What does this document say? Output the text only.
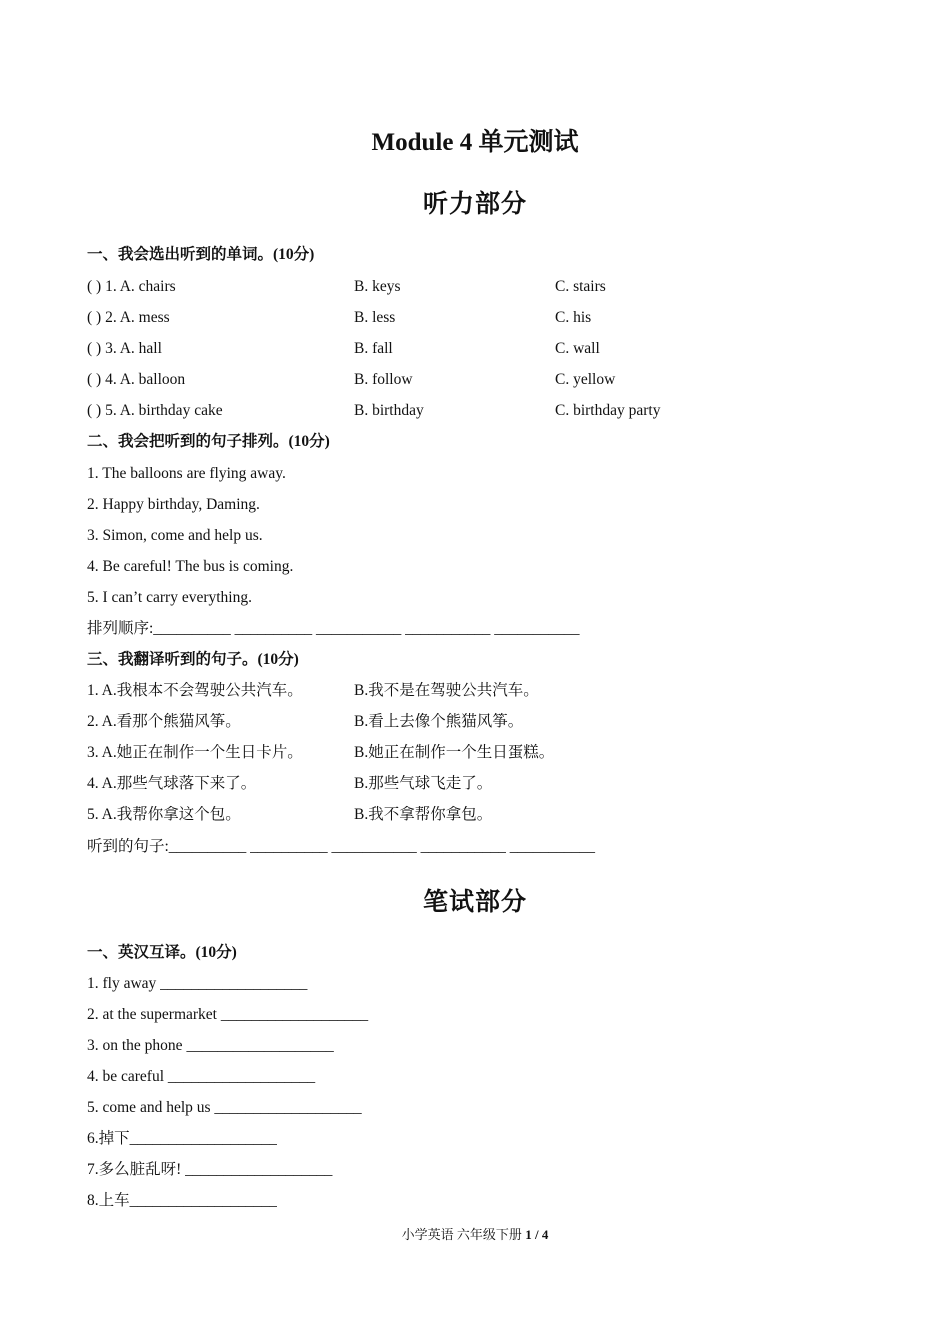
Module 4 单元测试
听力部分
一、我会选出听到的单词。(10分)
( ) 1. A. chairs	B. keys	C. stairs
( ) 2. A. mess	B. less	C. his
( ) 3. A. hall	B. fall	C. wall
( ) 4. A. balloon	B. follow	C. yellow
( ) 5. A. birthday cake	B. birthday	C. birthday party
二、我会把听到的句子排列。(10分)
1. The balloons are flying away.
2. Happy birthday, Daming.
3. Simon, come and help us.
4. Be careful! The bus is coming.
5. I can’t carry everything.
排列顺序:__________ __________ ___________ ___________ ___________
三、我翻译听到的句子。(10分)
1. A.我根本不会驾驶公共汽车。	B.我不是在驾驶公共汽车。
2. A.看那个熊猫风筝。	B.看上去像个熊猫风筝。
3. A.她正在制作一个生日卡片。	B.她正在制作一个生日蛋糕。
4. A.那些气球落下来了。	B.那些气球飞走了。
5. A.我帮你拿这个包。	B.我不拿帮你拿包。
听到的句子:__________ __________ ___________ ___________ ___________
笔试部分
一、英汉互译。(10分)
1. fly away ___________________
2. at the supermarket ___________________
3. on the phone ___________________
4. be careful ___________________
5. come and help us ___________________
6.掉下___________________
7.多么脏乱呀! ___________________
8.上车___________________
小学英语 六年级下册 1 / 4
